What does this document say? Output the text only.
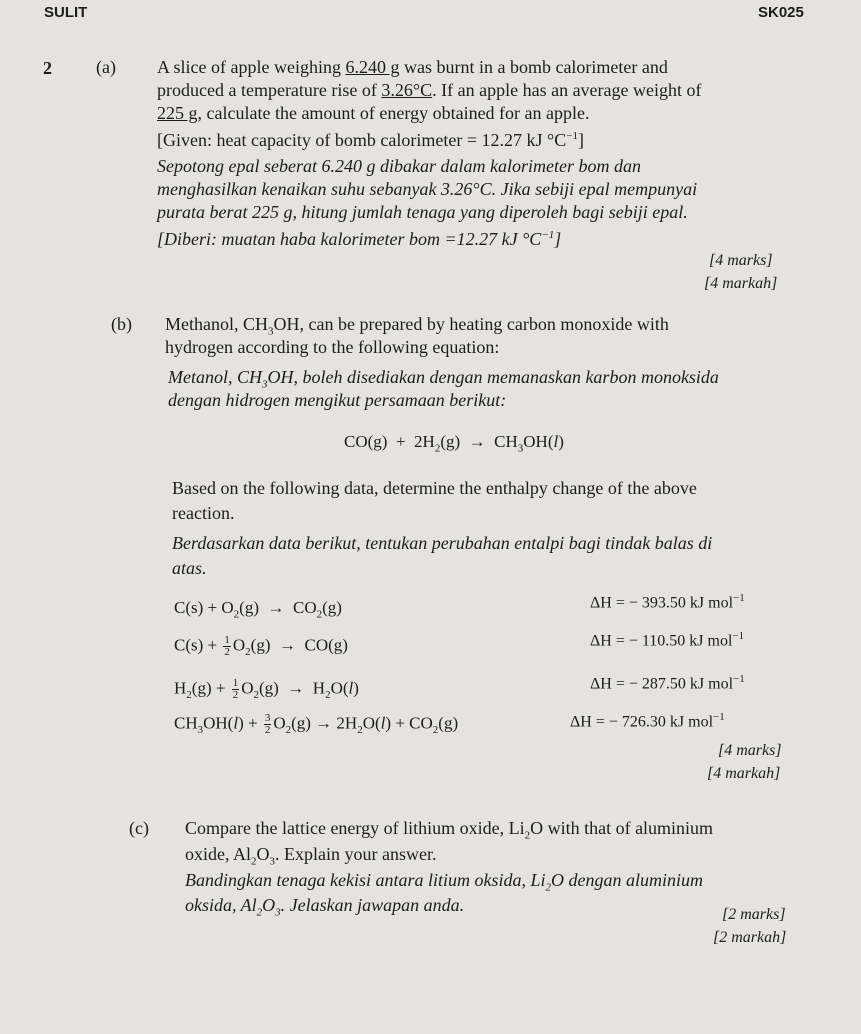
SULIT	SK025
2 (a) A slice of apple weighing 6.240 g was burnt in a bomb calorimeter and
produced a temperature rise of 3.26°C. If an apple has an average weight of
225 g, calculate the amount of energy obtained for an apple.
[Given: heat capacity of bomb calorimeter = 12.27 kJ $^\circ C^{-1}$]
Sepotong epal seberat 6.240 g dibakar dalam kalorimeter bom dan
menghasilkan kenaikan suhu sebanyak 3.26°C. Jika sebiji epal mempunyai
purata berat 225 g, hitung jumlah tenaga yang diperoleh bagi sebiji epal.
[Diberi: muatan haba kalorimeter bom =12.27 kJ $^\circ C^{-1}$]
[4 marks]
[4 markah]
(b) Methanol, $CH_3OH$, can be prepared by heating carbon monoxide with
hydrogen according to the following equation:
Metanol, $CH_3OH$, boleh disediakan dengan memanaskan karbon monoksida
dengan hidrogen mengikut persamaan berikut:
$CO(g) + 2H_2(g) \to CH_3OH(l)$
Based on the following data, determine the enthalpy change of the above
reaction.
Berdasarkan data berikut, tentukan perubahan entalpi bagi tindak balas di
atas.
$C(s) + O_2(g) \to CO_2(g)$	ΔH = − 393.50 kJ mol$^{-1}$
$C(s) + \frac{1}{2} O_2(g) \to CO(g)$	ΔH = − 110.50 kJ mol$^{-1}$
$H_2(g) + \frac{1}{2} O_2(g) \to H_2O(l)$	ΔH = − 287.50 kJ mol$^{-1}$
$CH_3OH(l) + \frac{3}{2} O_2(g) \to 2H_2O(l) + CO_2(g)$	ΔH = − 726.30 kJ mol$^{-1}$
[4 marks]
[4 markah]
(c) Compare the lattice energy of lithium oxide, $Li_2O$ with that of aluminium
oxide, $Al_2O_3$. Explain your answer.
Bandingkan tenaga kekisi antara litium oksida, $Li_2O$ dengan aluminium
oksida, $Al_2O_3$. Jelaskan jawapan anda.	[2 marks]
[2 markah]
